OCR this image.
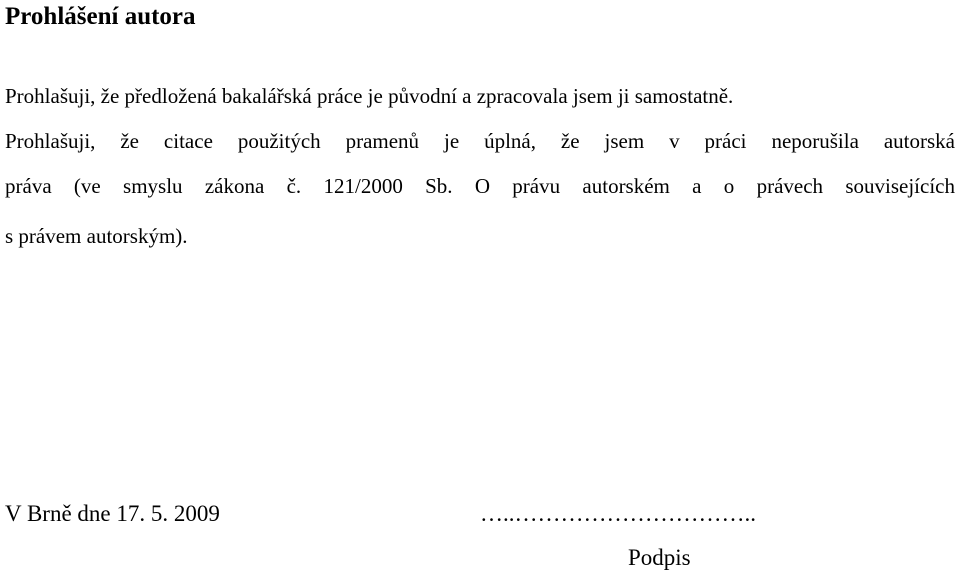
Prohlášení autora
Prohlašuji, že předložená bakalářská práce je původní a zpracovala jsem ji samostatně.
Prohlašuji, že citace použitých pramenů je úplná, že jsem v práci neporušila autorská
práva (ve smyslu zákona č. 121/2000 Sb. O právu autorském a o právech souvisejících
s právem autorským).
V Brně dne 17. 5. 2009	…..…………………………..
Podpis
